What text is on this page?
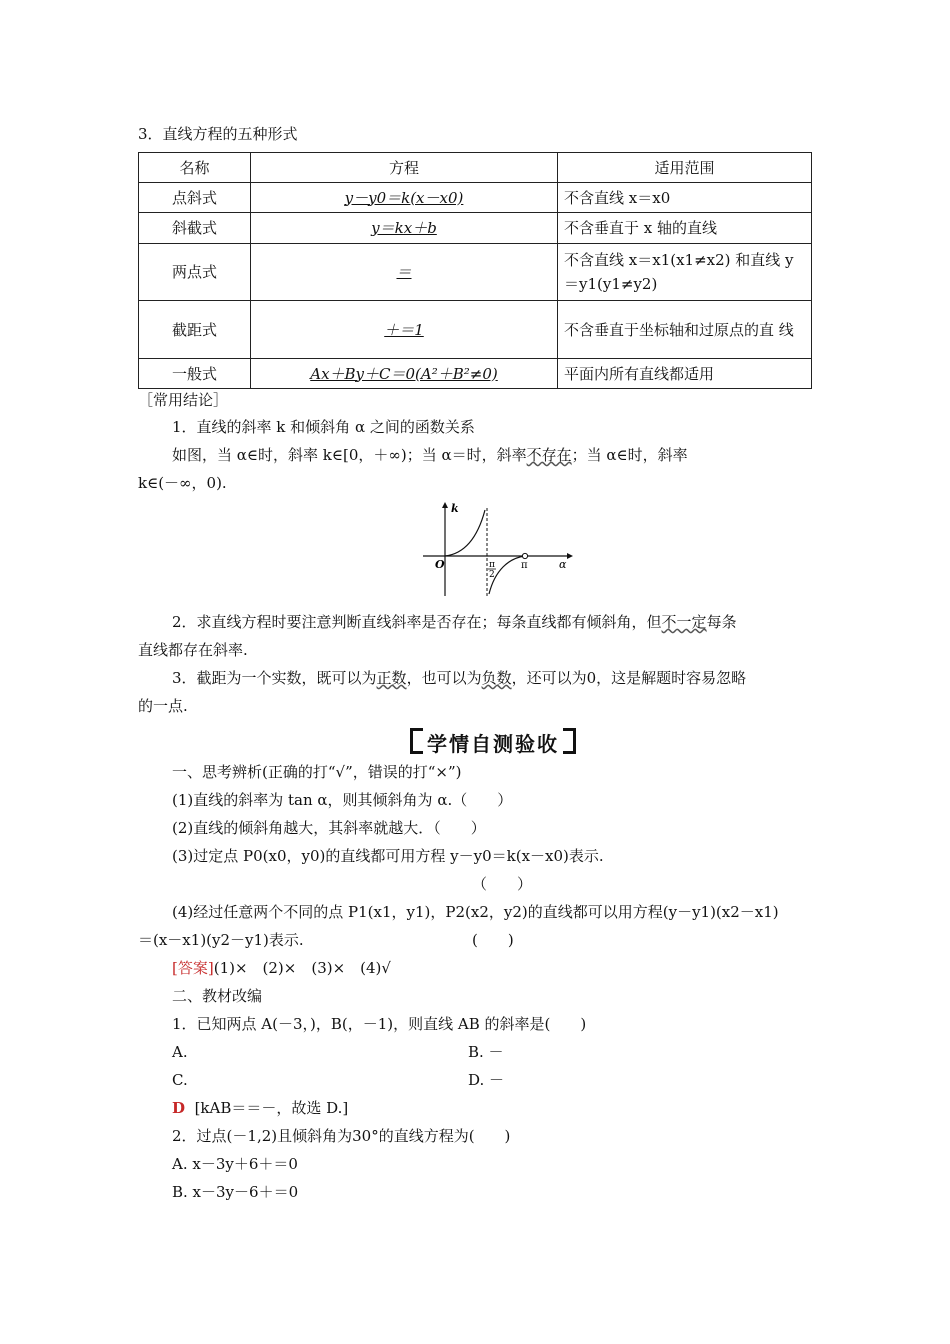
3．直线方程的五种形式
名称	方程	适用范围
点斜式	y－y0＝k(x－x0)	不含直线 x＝x0
斜截式	y＝kx＋b	不含垂直于 x 轴的直线
两点式	＝	不含直线 x＝x1(x1≠x2) 和直线 y ＝y1(y1≠y2)
截距式	＋＝1	不含垂直于坐标轴和过原点的直 线
一般式	Ax＋By＋C＝0(A²＋B²≠0)	平面内所有直线都适用
［常用结论］
1．直线的斜率 k 和倾斜角 α 之间的函数关系
如图，当 α∈时，斜率 k∈[0，＋∞)；当 α＝时，斜率不存在；当 α∈时，斜率
k∈(－∞，0).
k
O	π
2
π	α
2．求直线方程时要注意判断直线斜率是否存在；每条直线都有倾斜角，但不一定每条
直线都存在斜率.
3．截距为一个实数，既可以为正数，也可以为负数，还可以为0，这是解题时容易忽略
的一点.
学情自测验收
一、思考辨析(正确的打“√”，错误的打“×”)
(1)直线的斜率为 tan α，则其倾斜角为 α.（　　）
(2)直线的倾斜角越大，其斜率就越大．（　　）
(3)过定点 P0(x0，y0)的直线都可用方程 y－y0＝k(x－x0)表示.
（　　）
(4)经过任意两个不同的点 P1(x1，y1)，P2(x2，y2)的直线都可以用方程(y－y1)(x2－x1)
＝(x－x1)(y2－y1)表示.	(　　)
[答案](1)×　(2)×　(3)×　(4)√
二、教材改编
1．已知两点 A(－3，)，B(，－1)，则直线 AB 的斜率是(　　)
A.	B. －
C.	D. －
D [kAB＝＝－，故选 D.]
2．过点(－1,2)且倾斜角为30°的直线方程为(　　)
A. x－3y＋6＋＝0
B. x－3y－6＋＝0
